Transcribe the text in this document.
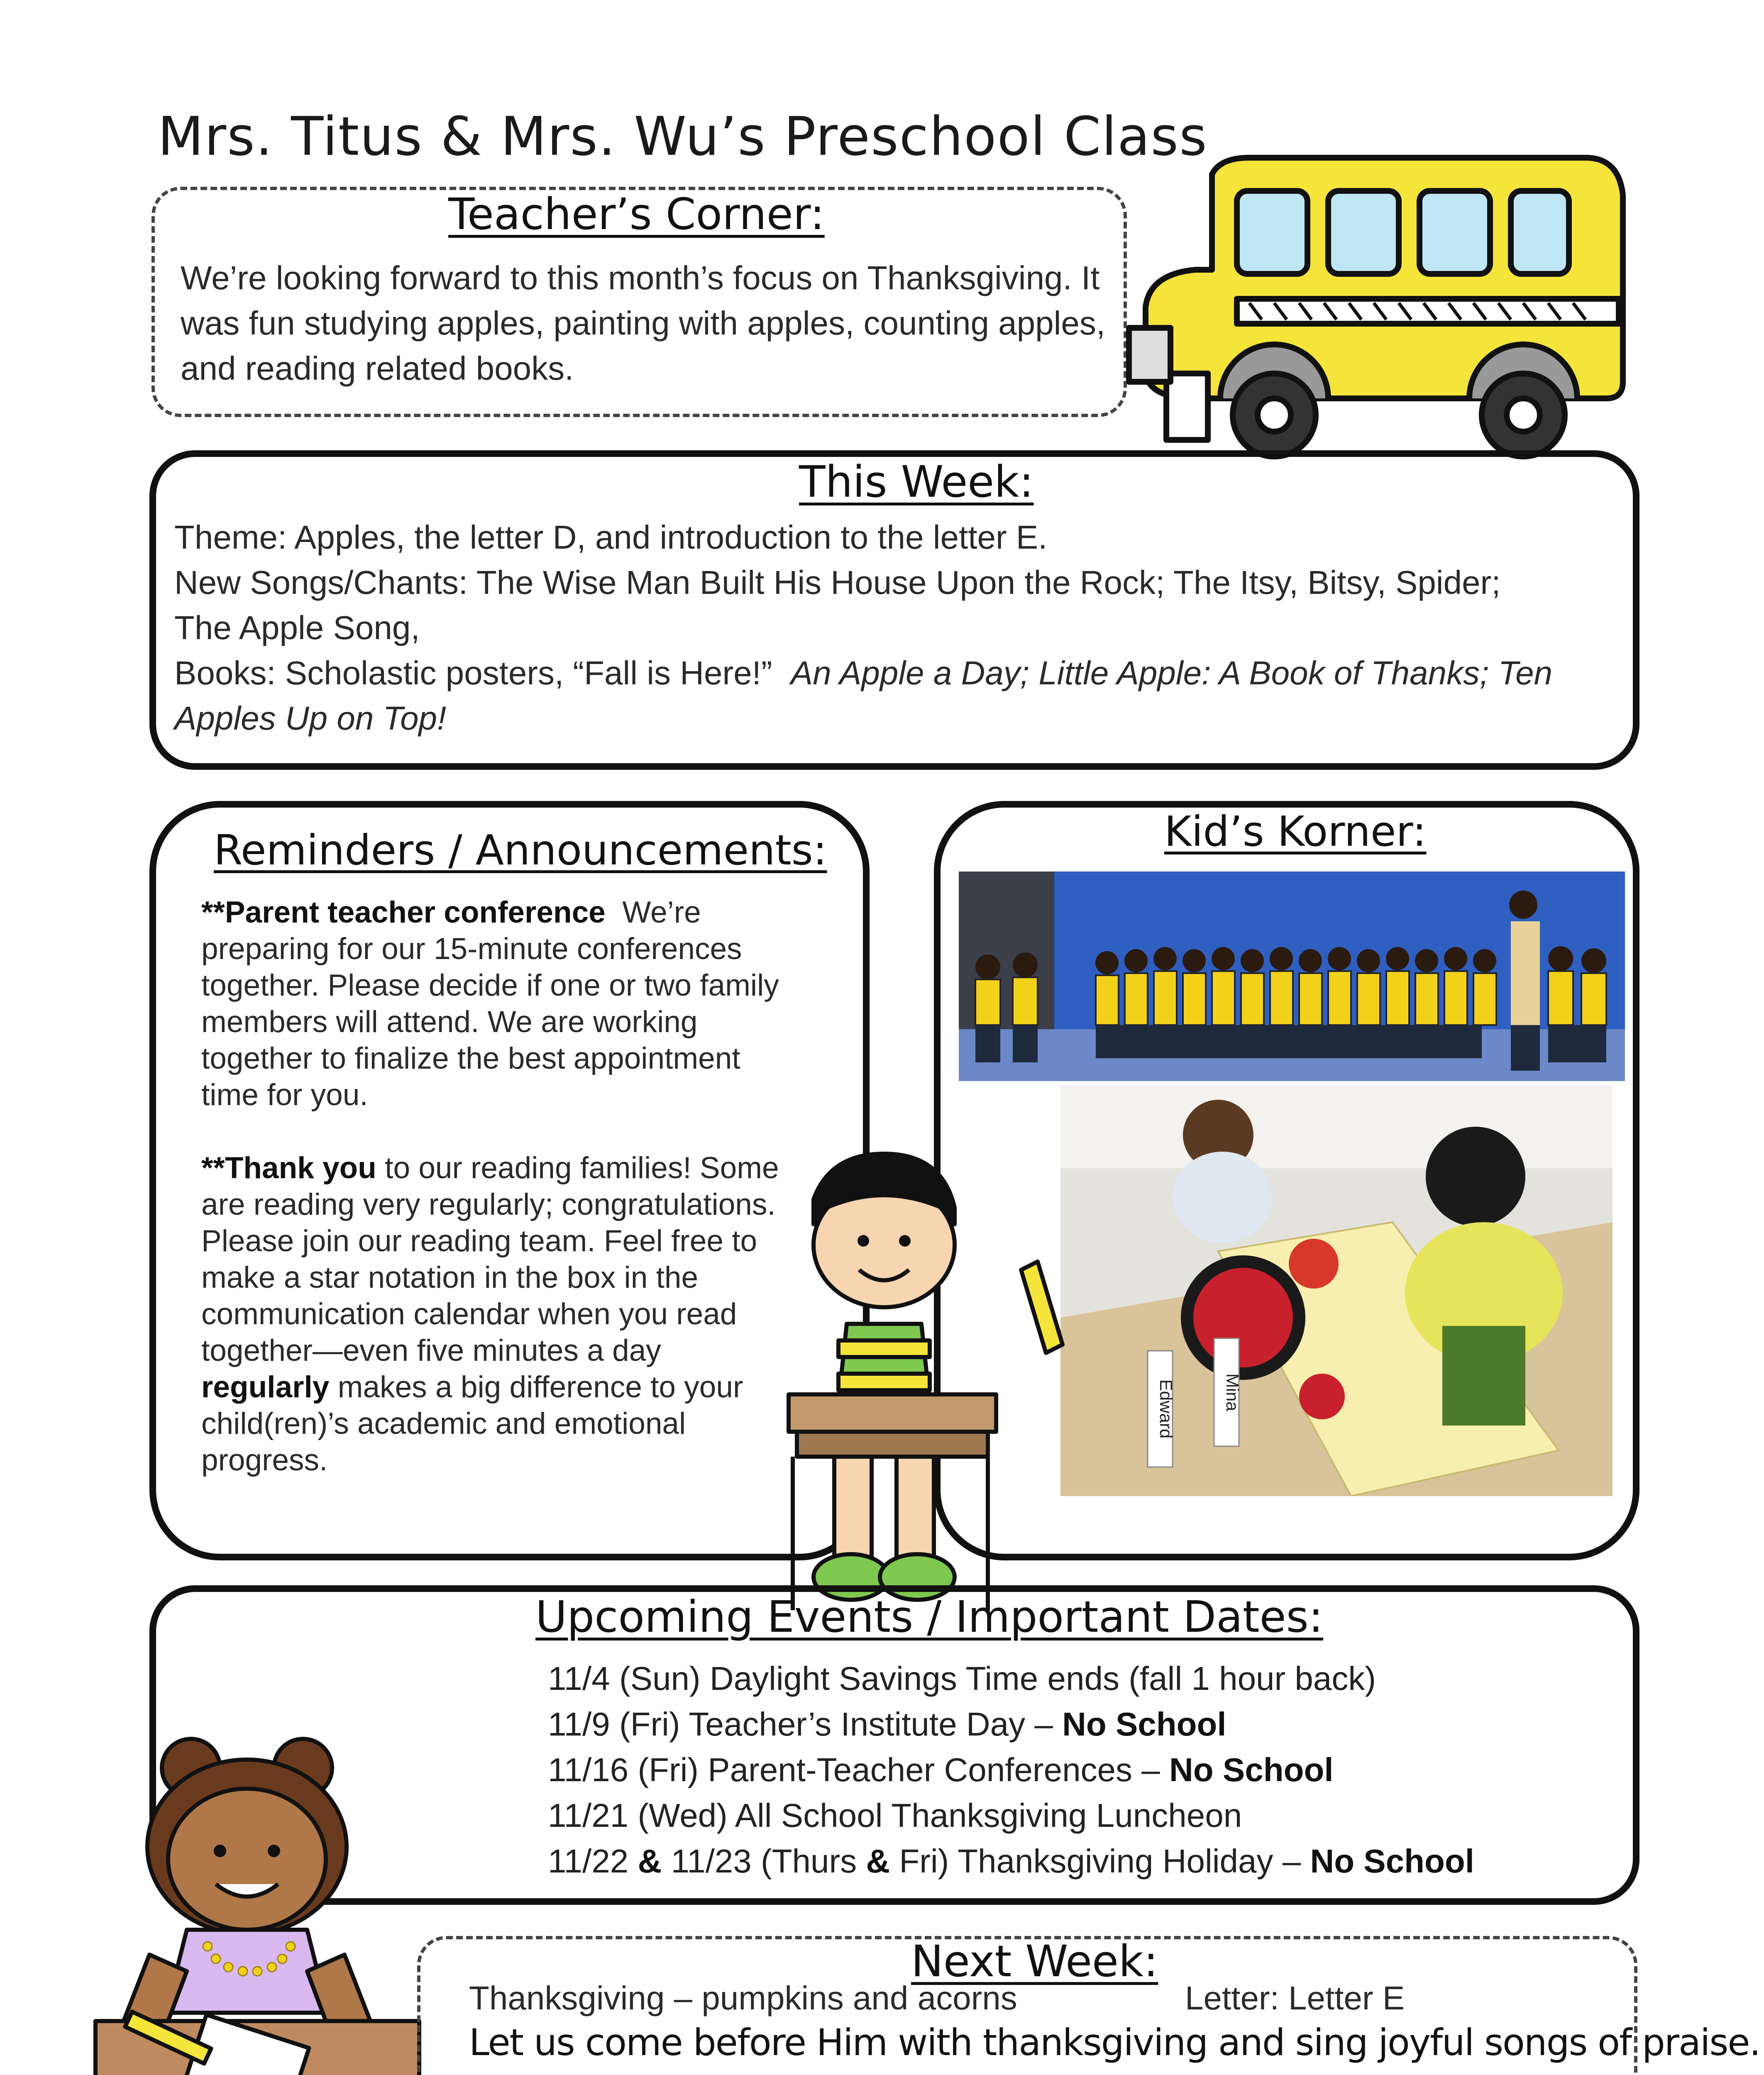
Mrs. Titus & Mrs. Wu’s Preschool Class
Teacher’s Corner:

We’re looking forward to this month’s focus on Thanksgiving. It was fun studying apples, painting with apples, counting apples, and reading related books.

This Week:

Theme: Apples, the letter D, and introduction to the letter E.

New Songs/Chants: The Wise Man Built His House Upon the Rock; The Itsy, Bitsy, Spider; The Apple Song,

Books: Scholastic posters, “Fall is Here!” An Apple a Day; Little Apple: A Book of Thanks; Ten Apples Up on Top!

Reminders / Announcements:

**Parent teacher conference We’re preparing for our 15-minute conferences together. Please decide if one or two family members will attend. We are working together to finalize the best appointment time for you.

**Thank you to our reading families! Some are reading very regularly; congratulations. Please join our reading team. Feel free to make a star notation in the box in the communication calendar when you read together—even five minutes a day regularly makes a big difference to your child(ren)’s academic and emotional progress.

Kid’s Korner:
Edward	Mina
Upcoming Events / Important Dates:

11/4 (Sun) Daylight Savings Time ends (fall 1 hour back)

11/9 (Fri) Teacher’s Institute Day – No School

11/16 (Fri) Parent-Teacher Conferences – No School

11/21 (Wed) All School Thanksgiving Luncheon

11/22 & 11/23 (Thurs & Fri) Thanksgiving Holiday – No School

Next Week:

Thanksgiving – pumpkins and acorns	Letter: Letter E

Let us come before Him with thanksgiving and sing joyful songs of praise.
